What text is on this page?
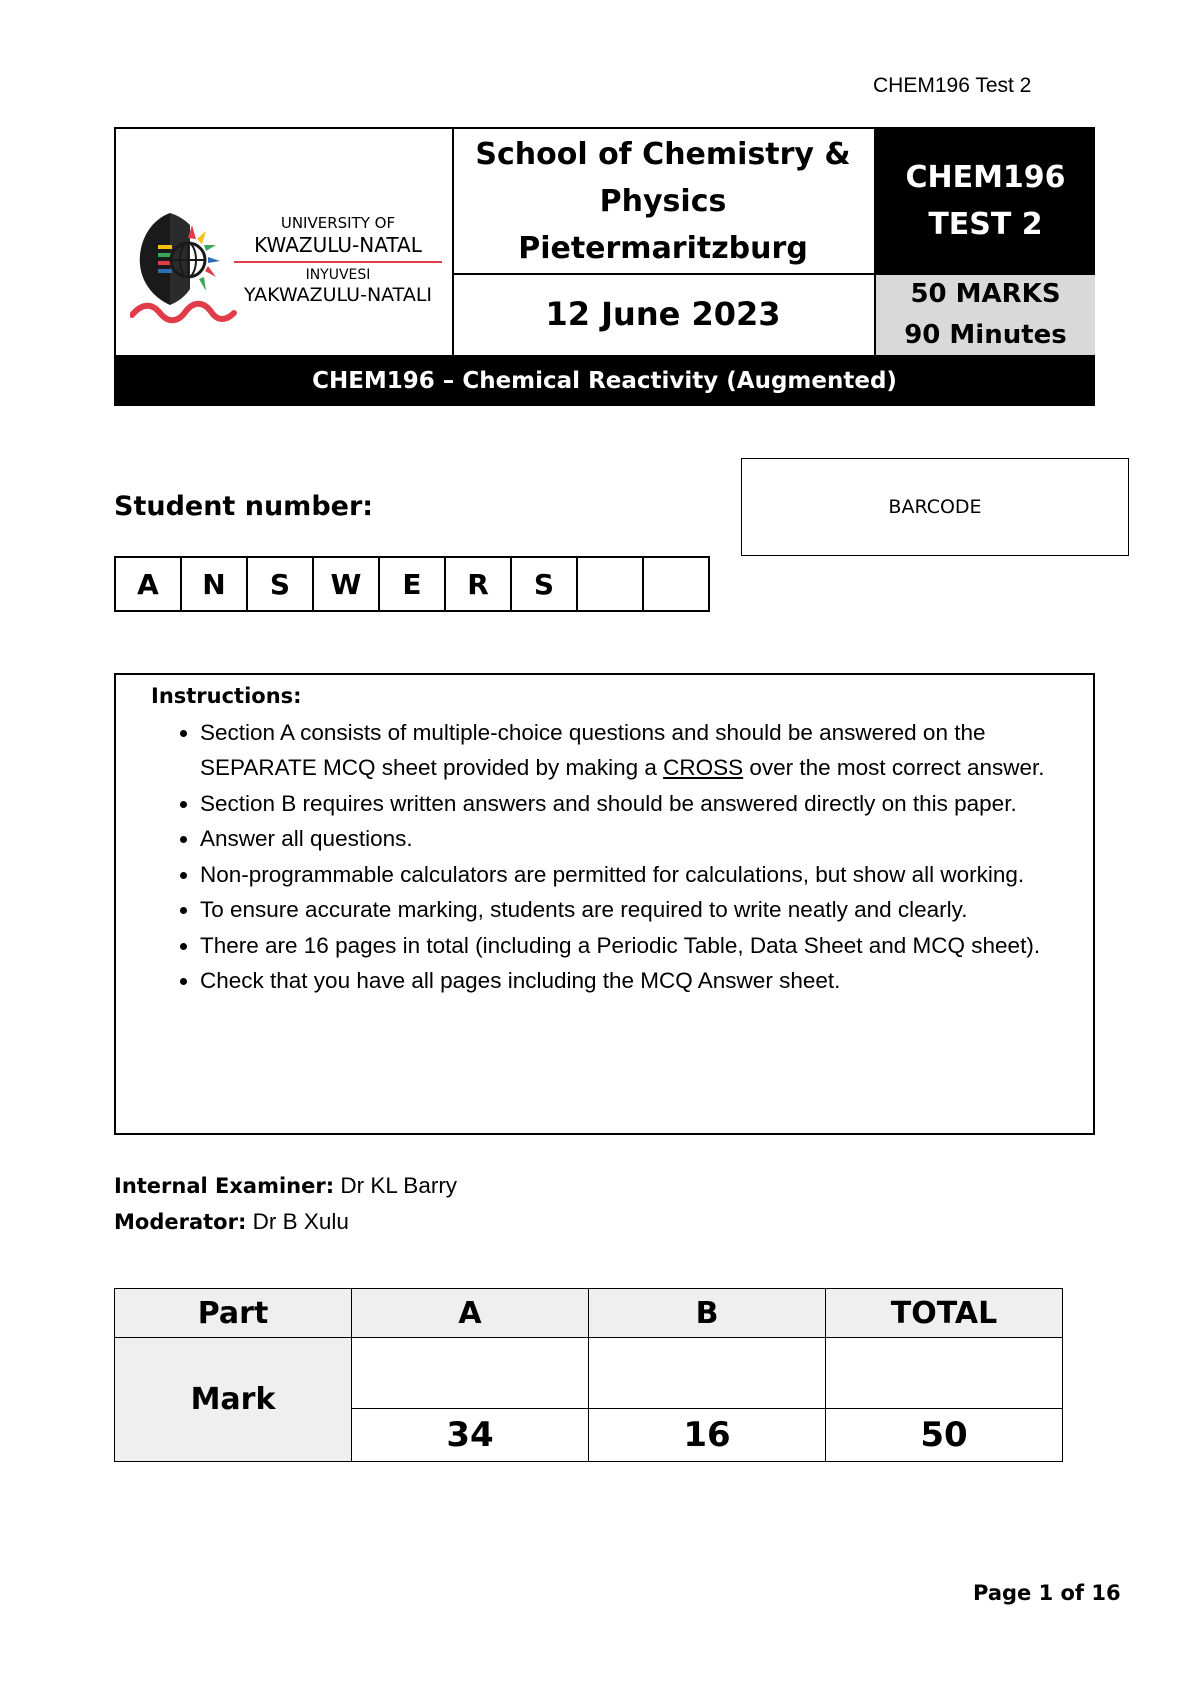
CHEM196 Test 2
UNIVERSITY OF
KWAZULU-NATAL
INYUVESI
YAKWAZULU-NATALI
School of Chemistry &
Physics
Pietermaritzburg
12 June 2023
CHEM196
TEST 2
50 MARKS
90 Minutes
CHEM196 – Chemical Reactivity (Augmented)
Student number:	BARCODE
A	N	S	W	E	R	S
Instructions:
• Section A consists of multiple-choice questions and should be answered on the SEPARATE MCQ sheet provided by making a CROSS over the most correct answer.
• Section B requires written answers and should be answered directly on this paper.
• Answer all questions.
• Non-programmable calculators are permitted for calculations, but show all working.
• To ensure accurate marking, students are required to write neatly and clearly.
• There are 16 pages in total (including a Periodic Table, Data Sheet and MCQ sheet).
• Check that you have all pages including the MCQ Answer sheet.
Internal Examiner: Dr KL Barry
Moderator: Dr B Xulu
Part	A	B	TOTAL
Mark			
	34	16	50
Page 1 of 16
